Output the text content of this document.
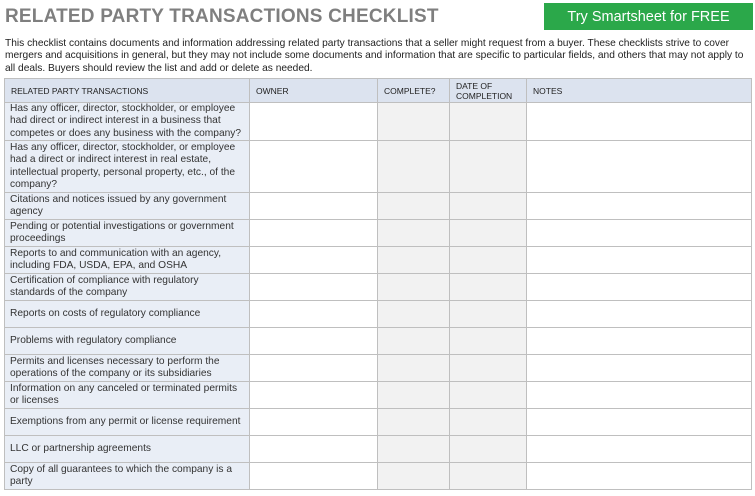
RELATED PARTY TRANSACTIONS CHECKLIST	Try Smartsheet for FREE
This checklist contains documents and information addressing related party transactions that a seller might request from a buyer. These checklists strive to cover mergers and acquisitions in general, but they may not include some documents and information that are specific to particular fields, and others that may not apply to all deals. Buyers should review the list and add or delete as needed.
RELATED PARTY TRANSACTIONS	OWNER	COMPLETE?	DATE OF COMPLETION	NOTES
Has any officer, director, stockholder, or employee had direct or indirect interest in a business that competes or does any business with the company?				
Has any officer, director, stockholder, or employee had a direct or indirect interest in real estate, intellectual property, personal property, etc., of the company?				
Citations and notices issued by any government agency				
Pending or potential investigations or government proceedings				
Reports to and communication with an agency, including FDA, USDA, EPA, and OSHA				
Certification of compliance with regulatory standards of the company				
Reports on costs of regulatory compliance				
Problems with regulatory compliance				
Permits and licenses necessary to perform the operations of the company or its subsidiaries				
Information on any canceled or terminated permits or licenses				
Exemptions from any permit or license requirement				
LLC or partnership agreements				
Copy of all guarantees to which the company is a party				
